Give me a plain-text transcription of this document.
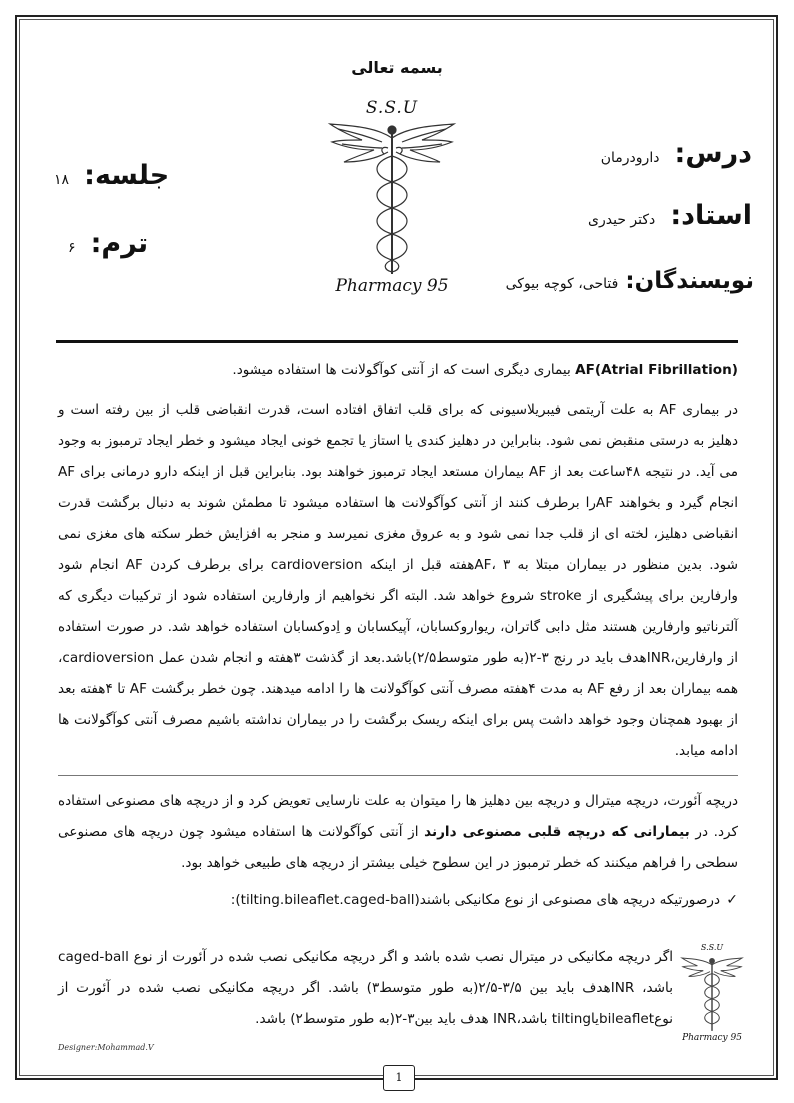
بسمه تعالی
S.S.U
Pharmacy 95
درس: دارودرمان
استاد: دکتر حیدری
نویسندگان: فتاحی، کوچه بیوکی
جلسه: ۱۸
ترم: ۶

AF(Atrial Fibrillation) بیماری دیگری است که از آنتی کوآگولانت ها استفاده میشود.

در بیماری AF به علت آریتمی فیبریلاسیونی که برای قلب اتفاق افتاده است، قدرت انقباضی قلب از بین رفته است و دهلیز به درستی منقبض نمی شود. بنابراین در دهلیز کندی یا استاز یا تجمع خونی ایجاد میشود و خطر ایجاد ترمبوز به وجود می آید. در نتیجه ۴۸ساعت بعد از AF بیماران مستعد ایجاد ترمبوز خواهند بود. بنابراین قبل از اینکه دارو درمانی برای AF انجام گیرد و بخواهند AFرا برطرف کنند از آنتی کوآگولانت ها استفاده میشود تا مطمئن شوند به دنبال برگشت قدرت انقباضی دهلیز، لخته ای از قلب جدا نمی شود و به عروق مغزی نمیرسد و منجر به افزایش خطر سکته های مغزی نمی شود. بدین منظور در بیماران مبتلا به AF، ۳هفته قبل از اینکه cardioversion برای برطرف کردن AF انجام شود وارفارین برای پیشگیری از stroke شروع خواهد شد. البته اگر نخواهیم از وارفارین استفاده شود از ترکیبات دیگری که آلترناتیو وارفارین هستند مثل دابی گاتران، ریواروکسابان، آپیکسابان و اِدوکسابان استفاده خواهد شد. در صورت استفاده از وارفارین،INRهدف باید در رنج ۳-۲(به طور متوسط۲/۵)باشد.بعد از گذشت ۳هفته و انجام شدن عمل cardioversion، همه بیماران بعد از رفع AF به مدت ۴هفته مصرف آنتی کوآگولانت ها را ادامه میدهند. چون خطر برگشت AF تا ۴هفته بعد از بهبود همچنان وجود خواهد داشت پس برای اینکه ریسک برگشت را در بیماران نداشته باشیم مصرف آنتی کوآگولانت ها ادامه میابد.

دریچه آئورت، دریچه میترال و دریچه بین دهلیز ها را میتوان به علت نارسایی تعویض کرد و از دریچه های مصنوعی استفاده کرد. در بیمارانی که دریچه قلبی مصنوعی دارند از آنتی کوآگولانت ها استفاده میشود چون دریچه های مصنوعی سطحی را فراهم میکنند که خطر ترمبوز در این سطوح خیلی بیشتر از دریچه های طبیعی خواهد بود.

✓
درصورتیکه دریچه های مصنوعی از نوع مکانیکی باشند(tilting.bileaflet.caged-ball):

اگر دریچه مکانیکی در میترال نصب شده باشد و اگر دریچه مکانیکی نصب شده در آئورت از نوع caged-ball باشد، INRهدف باید بین ۳/۵-۲/۵(به طور متوسط۳) باشد. اگر دریچه مکانیکی نصب شده در آئورت از نوعbileafletیاtilting باشد،INR هدف باید بین۳-۲(به طور متوسط۲) باشد.
S.S.U
Pharmacy 95
Designer:Mohammad.V
1
